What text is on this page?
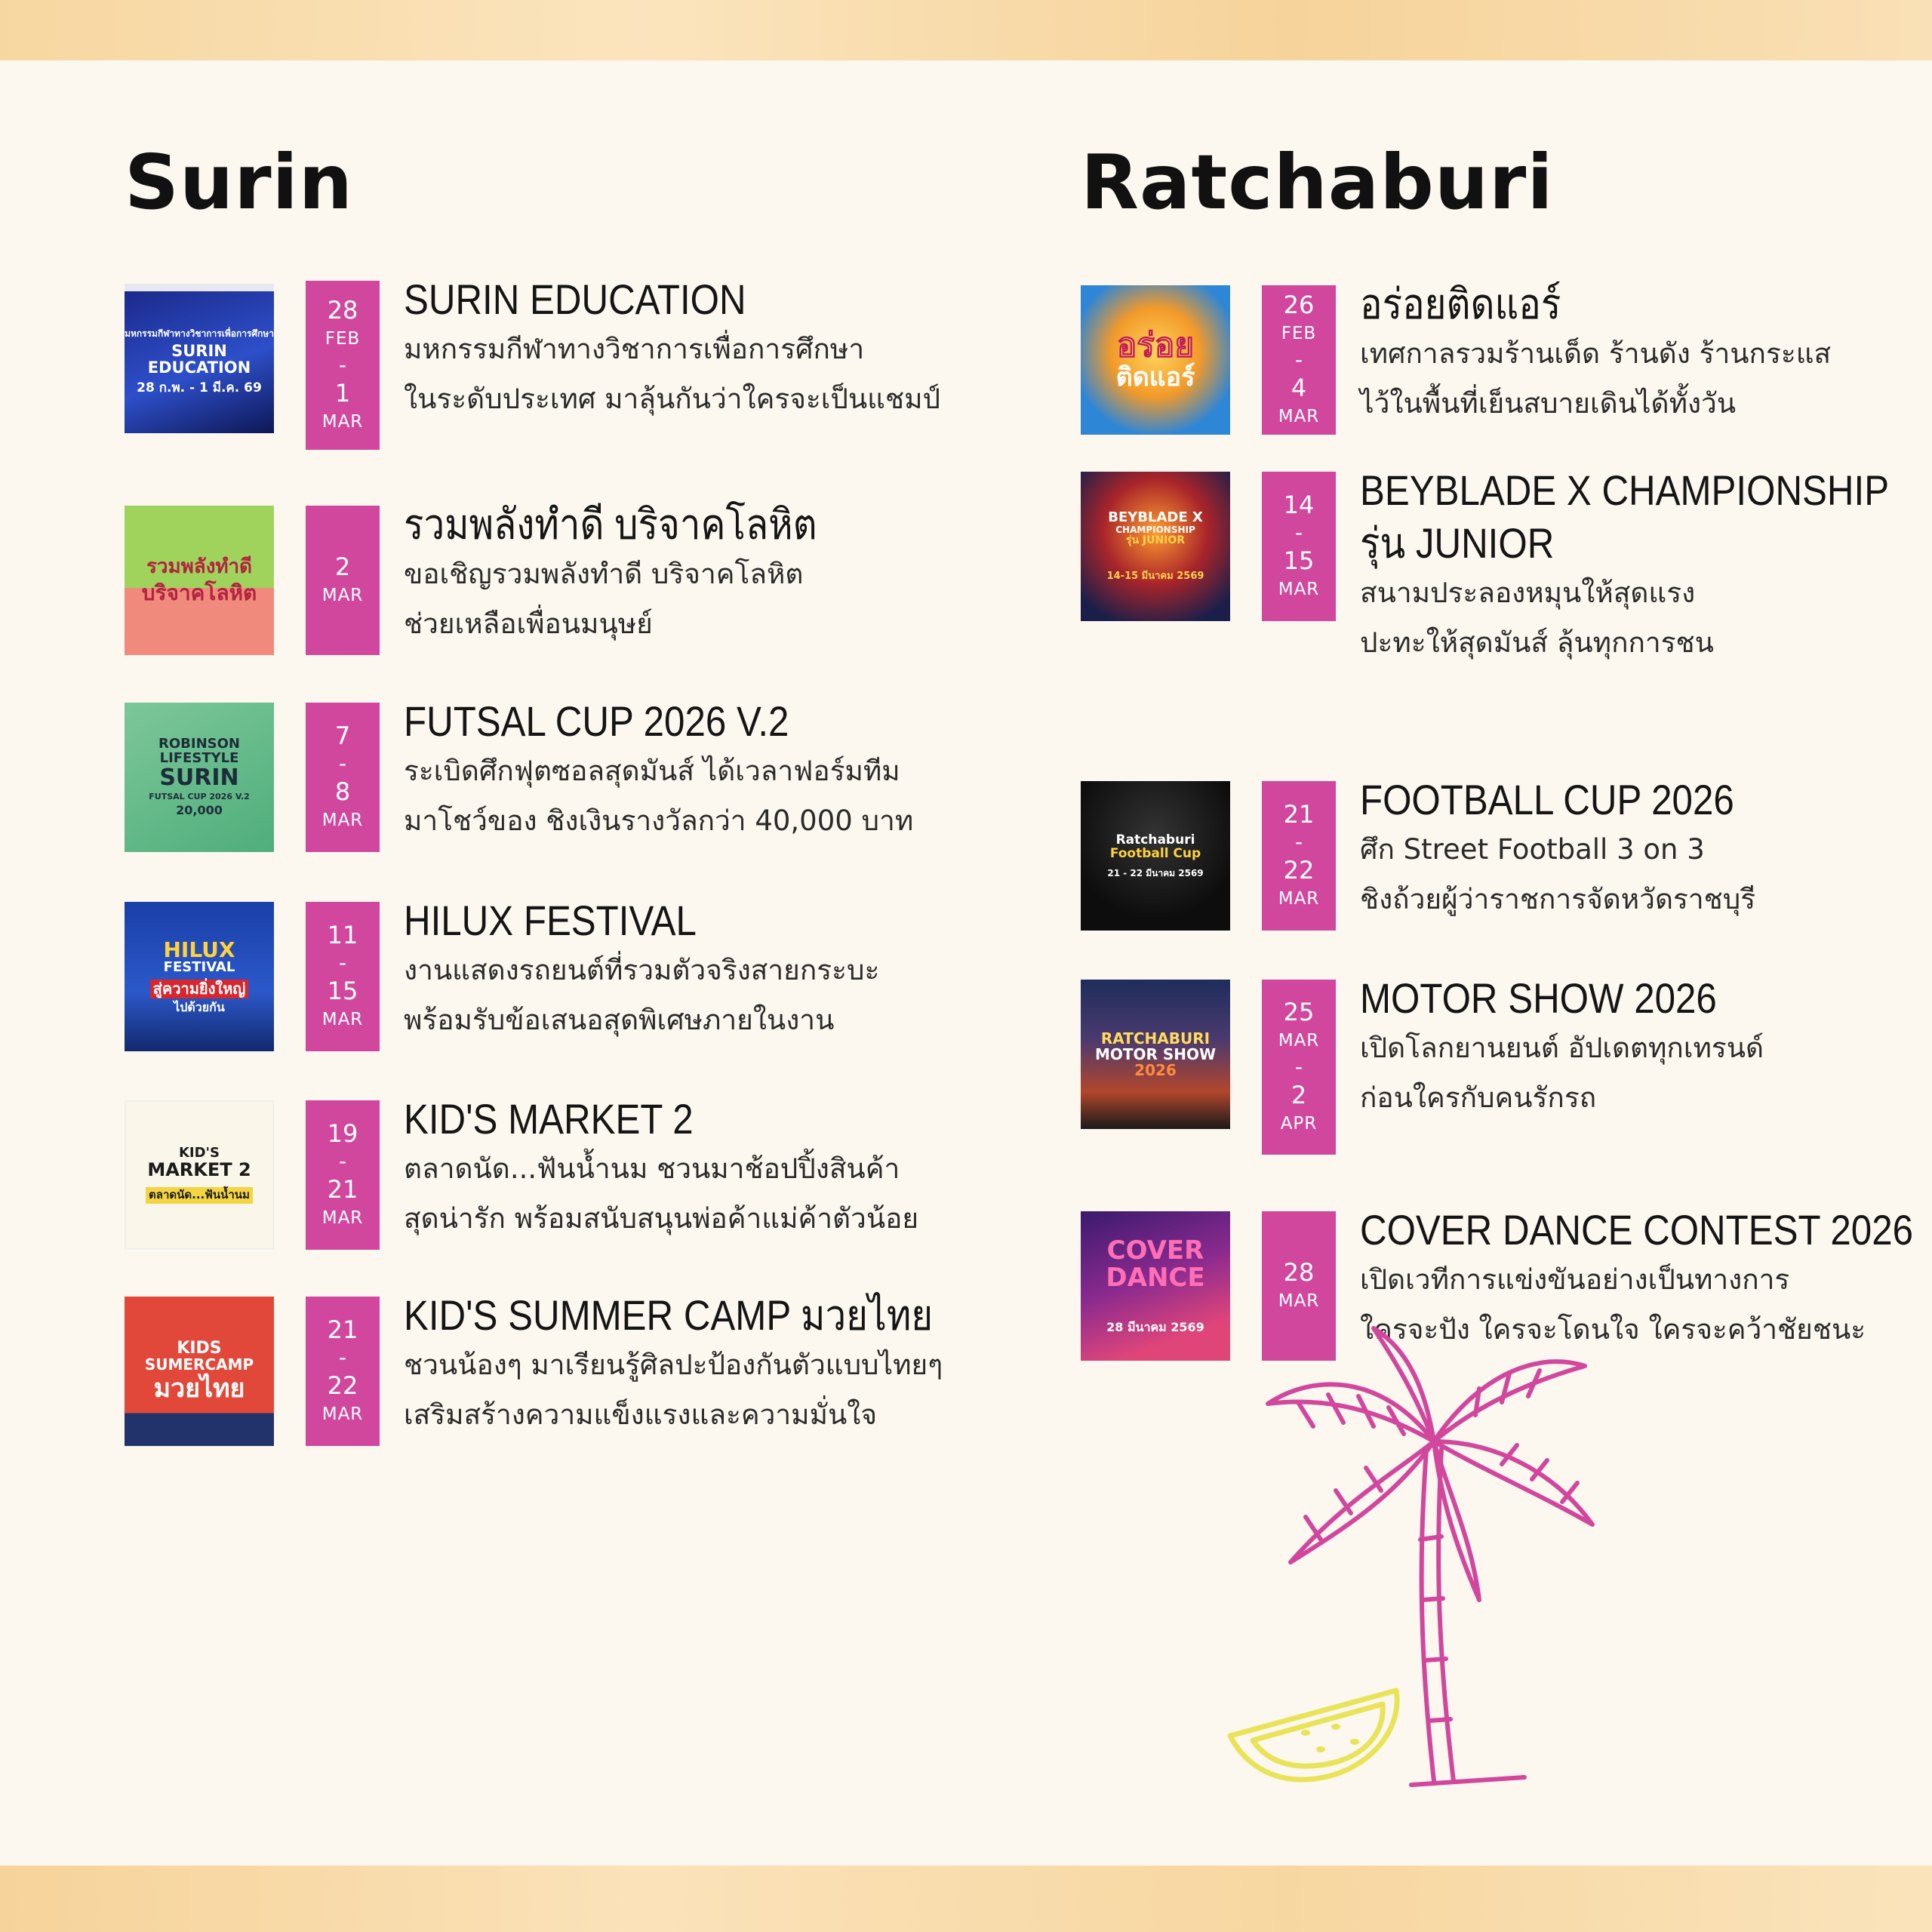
Surin
มหกรรมกีฬาทางวิชาการเพื่อการศึกษา
SURIN EDUCATION
28 ก.พ. - 1 มี.ค. 69
28
FEB
-
1
MAR
SURIN EDUCATION
มหกรรมกีฬาทางวิชาการเพื่อการศึกษา
ในระดับประเทศ มาลุ้นกันว่าใครจะเป็นแชมป์
รวมพลังทำดี
บริจาคโลหิต
2
MAR
รวมพลังทำดี บริจาคโลหิต
ขอเชิญรวมพลังทำดี บริจาคโลหิต
ช่วยเหลือเพื่อนมนุษย์
ROBINSON
LIFESTYLE
SURIN
FUTSAL CUP 2026 V.2
20,000
7
-
8
MAR
FUTSAL CUP 2026 V.2
ระเบิดศึกฟุตซอลสุดมันส์ ได้เวลาฟอร์มทีม
มาโชว์ของ ชิงเงินรางวัลกว่า 40,000 บาท
HILUX
FESTIVAL
สู่ความยิ่งใหญ่
ไปด้วยกัน
11
-
15
MAR
HILUX FESTIVAL
งานแสดงรถยนต์ที่รวมตัวจริงสายกระบะ
พร้อมรับข้อเสนอสุดพิเศษภายในงาน
KID'S
MARKET 2
ตลาดนัด...ฟันน้ำนม
19
-
21
MAR
KID'S MARKET 2
ตลาดนัด...ฟันน้ำนม ชวนมาช้อปปิ้งสินค้า
สุดน่ารัก พร้อมสนับสนุนพ่อค้าแม่ค้าตัวน้อย
KIDS
SUMERCAMP
มวยไทย
21
-
22
MAR
KID'S SUMMER CAMP มวยไทย
ชวนน้องๆ มาเรียนรู้ศิลปะป้องกันตัวแบบไทยๆ
เสริมสร้างความแข็งแรงและความมั่นใจ
Ratchaburi
อร่อย
ติดแอร์
26
FEB
-
4
MAR
อร่อยติดแอร์
เทศกาลรวมร้านเด็ด ร้านดัง ร้านกระแส
ไว้ในพื้นที่เย็นสบายเดินได้ทั้งวัน
BEYBLADE X
CHAMPIONSHIP
รุ่น JUNIOR
14-15 มีนาคม 2569
14
-
15
MAR
BEYBLADE X CHAMPIONSHIP
รุ่น JUNIOR
สนามประลองหมุนให้สุดแรง
ปะทะให้สุดมันส์ ลุ้นทุกการชน
Ratchaburi
Football Cup
21 - 22 มีนาคม 2569
21
-
22
MAR
FOOTBALL CUP 2026
ศึก Street Football 3 on 3
ชิงถ้วยผู้ว่าราชการจัดหวัดราชบุรี
RATCHABURI
MOTOR SHOW
2026
25
MAR
-
2
APR
MOTOR SHOW 2026
เปิดโลกยานยนต์ อัปเดตทุกเทรนด์
ก่อนใครกับคนรักรถ
COVER
DANCE
28 มีนาคม 2569
28
MAR
COVER DANCE CONTEST 2026
เปิดเวทีการแข่งขันอย่างเป็นทางการ
ใครจะปัง ใครจะโดนใจ ใครจะคว้าชัยชนะ
